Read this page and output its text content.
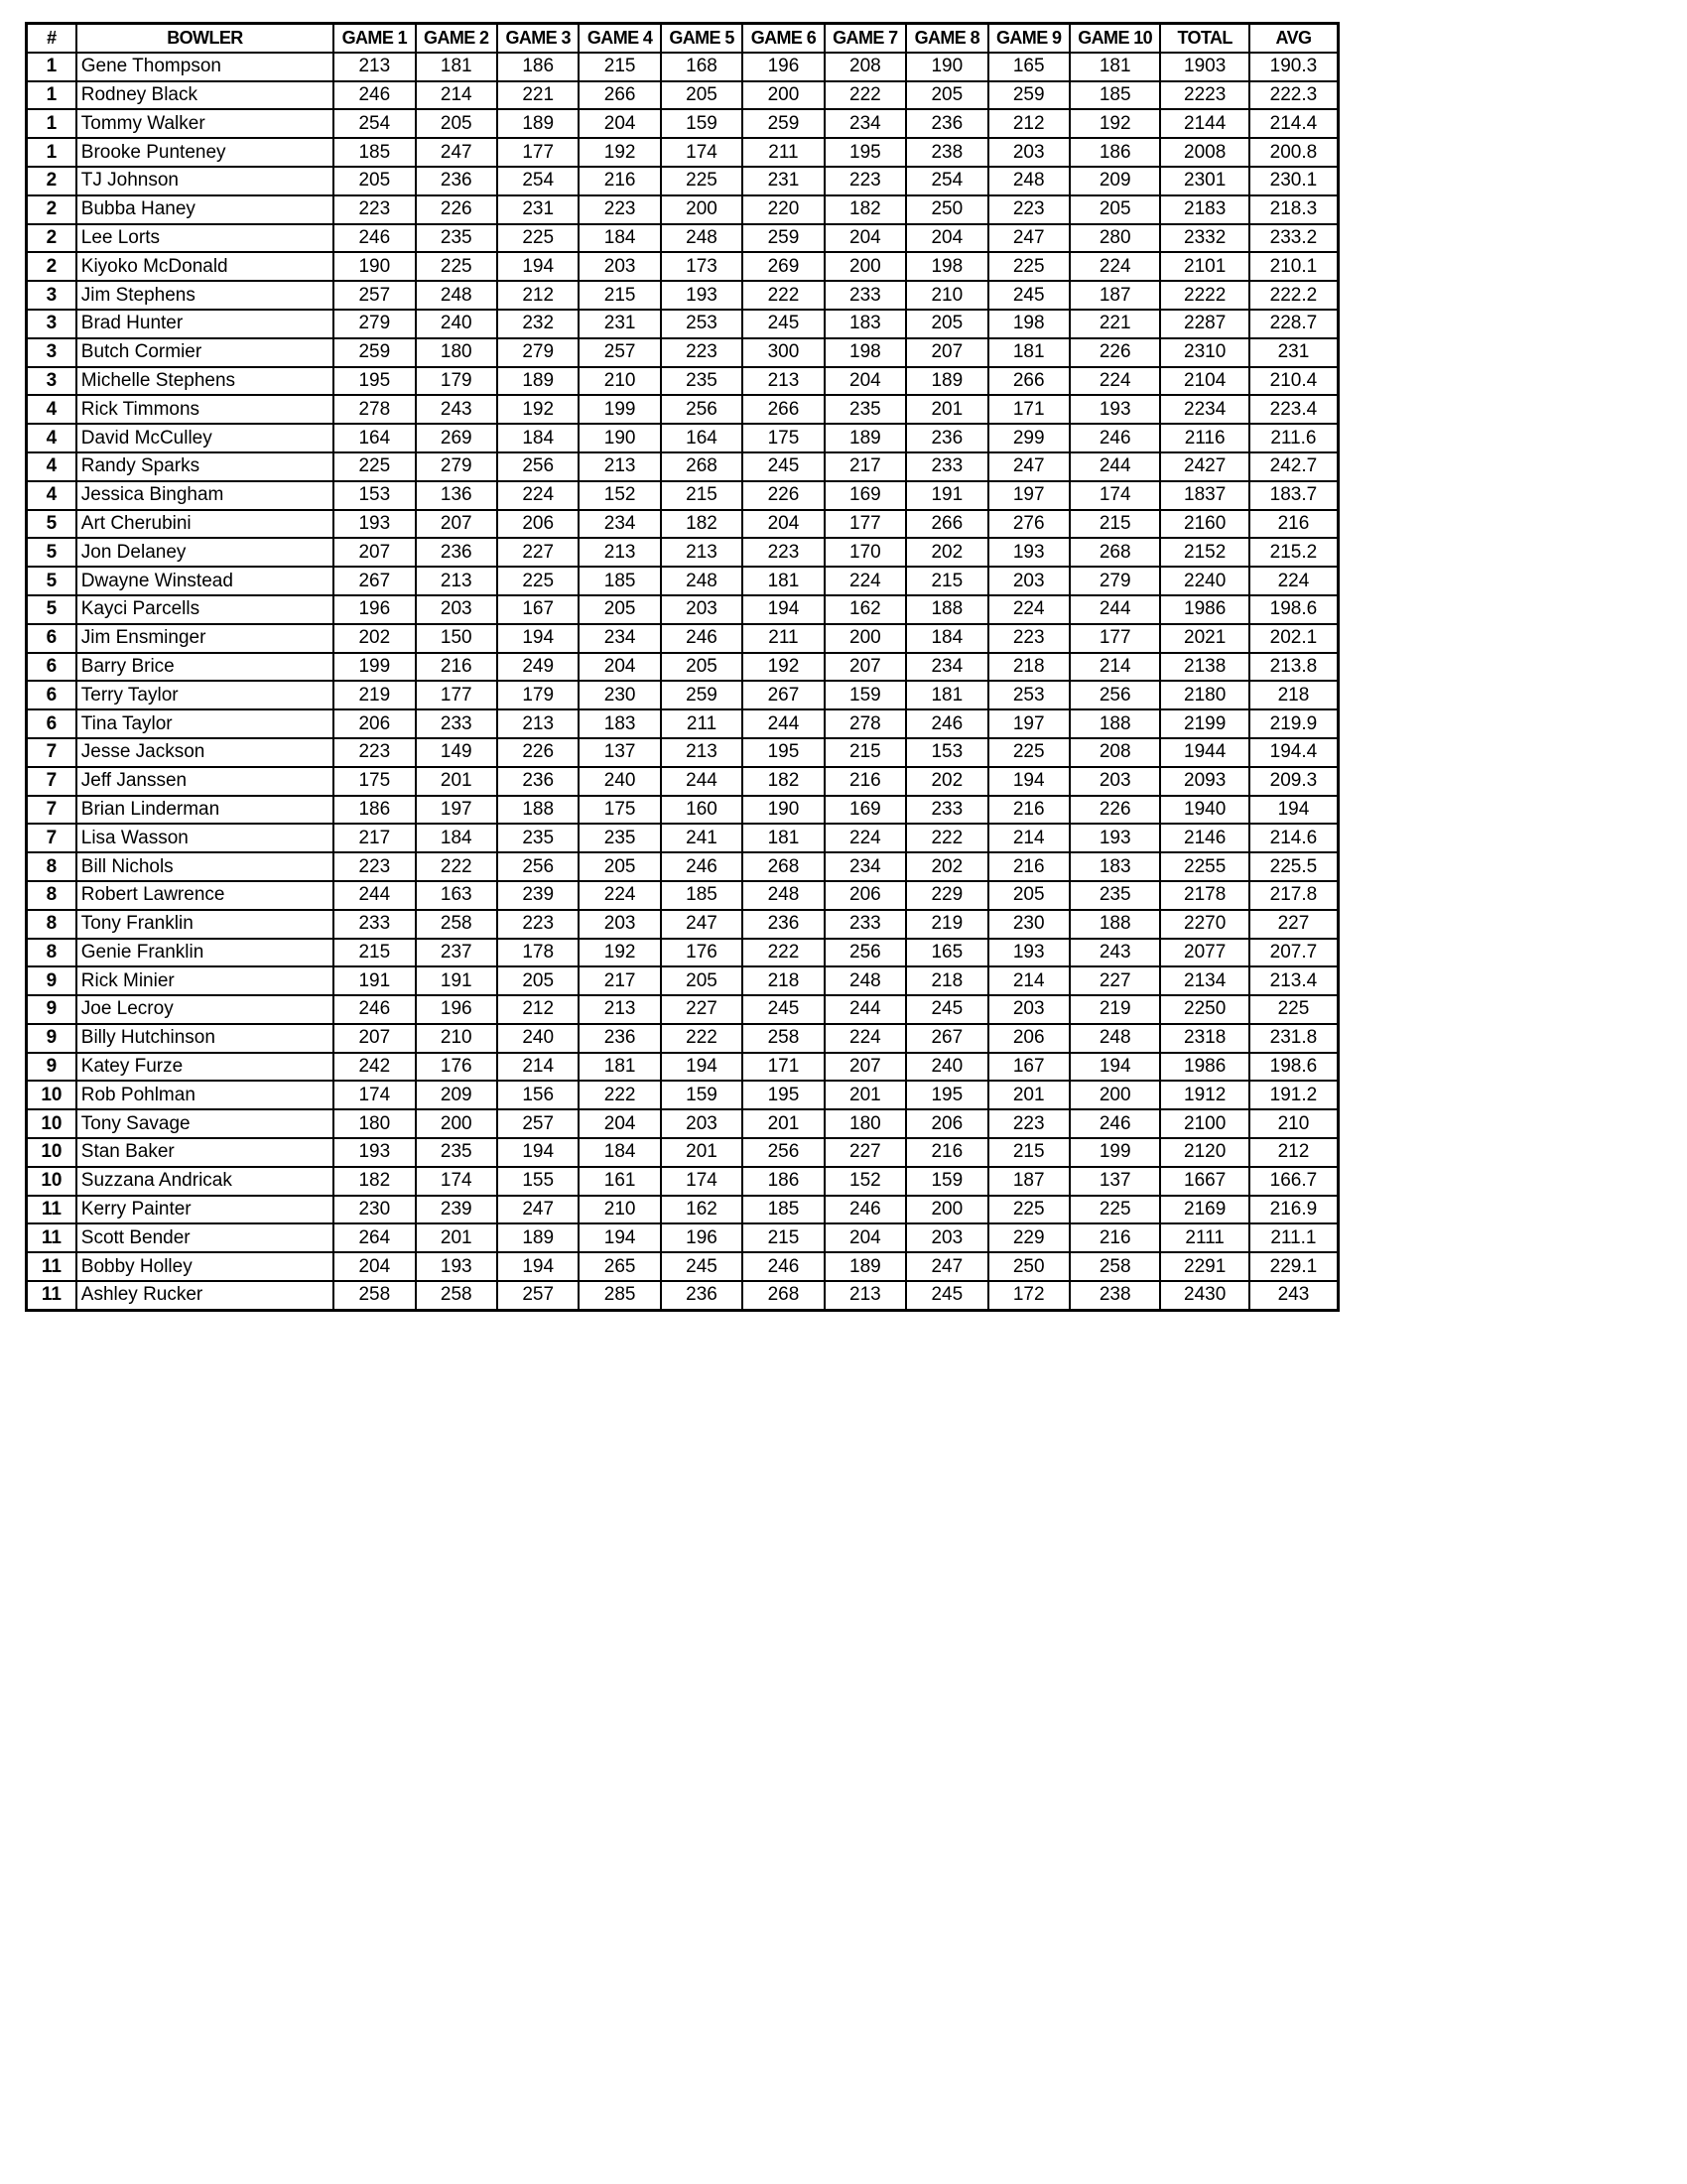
#	BOWLER	GAME 1	GAME 2	GAME 3	GAME 4	GAME 5	GAME 6	GAME 7	GAME 8	GAME 9	GAME 10	TOTAL	AVG
1	Gene Thompson	213	181	186	215	168	196	208	190	165	181	1903	190.3
1	Rodney Black	246	214	221	266	205	200	222	205	259	185	2223	222.3
1	Tommy Walker	254	205	189	204	159	259	234	236	212	192	2144	214.4
1	Brooke Punteney	185	247	177	192	174	211	195	238	203	186	2008	200.8
2	TJ Johnson	205	236	254	216	225	231	223	254	248	209	2301	230.1
2	Bubba Haney	223	226	231	223	200	220	182	250	223	205	2183	218.3
2	Lee Lorts	246	235	225	184	248	259	204	204	247	280	2332	233.2
2	Kiyoko McDonald	190	225	194	203	173	269	200	198	225	224	2101	210.1
3	Jim Stephens	257	248	212	215	193	222	233	210	245	187	2222	222.2
3	Brad Hunter	279	240	232	231	253	245	183	205	198	221	2287	228.7
3	Butch Cormier	259	180	279	257	223	300	198	207	181	226	2310	231
3	Michelle Stephens	195	179	189	210	235	213	204	189	266	224	2104	210.4
4	Rick Timmons	278	243	192	199	256	266	235	201	171	193	2234	223.4
4	David McCulley	164	269	184	190	164	175	189	236	299	246	2116	211.6
4	Randy Sparks	225	279	256	213	268	245	217	233	247	244	2427	242.7
4	Jessica Bingham	153	136	224	152	215	226	169	191	197	174	1837	183.7
5	Art Cherubini	193	207	206	234	182	204	177	266	276	215	2160	216
5	Jon Delaney	207	236	227	213	213	223	170	202	193	268	2152	215.2
5	Dwayne Winstead	267	213	225	185	248	181	224	215	203	279	2240	224
5	Kayci Parcells	196	203	167	205	203	194	162	188	224	244	1986	198.6
6	Jim Ensminger	202	150	194	234	246	211	200	184	223	177	2021	202.1
6	Barry Brice	199	216	249	204	205	192	207	234	218	214	2138	213.8
6	Terry Taylor	219	177	179	230	259	267	159	181	253	256	2180	218
6	Tina Taylor	206	233	213	183	211	244	278	246	197	188	2199	219.9
7	Jesse Jackson	223	149	226	137	213	195	215	153	225	208	1944	194.4
7	Jeff Janssen	175	201	236	240	244	182	216	202	194	203	2093	209.3
7	Brian Linderman	186	197	188	175	160	190	169	233	216	226	1940	194
7	Lisa Wasson	217	184	235	235	241	181	224	222	214	193	2146	214.6
8	Bill Nichols	223	222	256	205	246	268	234	202	216	183	2255	225.5
8	Robert Lawrence	244	163	239	224	185	248	206	229	205	235	2178	217.8
8	Tony Franklin	233	258	223	203	247	236	233	219	230	188	2270	227
8	Genie Franklin	215	237	178	192	176	222	256	165	193	243	2077	207.7
9	Rick Minier	191	191	205	217	205	218	248	218	214	227	2134	213.4
9	Joe Lecroy	246	196	212	213	227	245	244	245	203	219	2250	225
9	Billy Hutchinson	207	210	240	236	222	258	224	267	206	248	2318	231.8
9	Katey Furze	242	176	214	181	194	171	207	240	167	194	1986	198.6
10	Rob Pohlman	174	209	156	222	159	195	201	195	201	200	1912	191.2
10	Tony Savage	180	200	257	204	203	201	180	206	223	246	2100	210
10	Stan Baker	193	235	194	184	201	256	227	216	215	199	2120	212
10	Suzzana Andricak	182	174	155	161	174	186	152	159	187	137	1667	166.7
11	Kerry Painter	230	239	247	210	162	185	246	200	225	225	2169	216.9
11	Scott Bender	264	201	189	194	196	215	204	203	229	216	2111	211.1
11	Bobby Holley	204	193	194	265	245	246	189	247	250	258	2291	229.1
11	Ashley Rucker	258	258	257	285	236	268	213	245	172	238	2430	243
